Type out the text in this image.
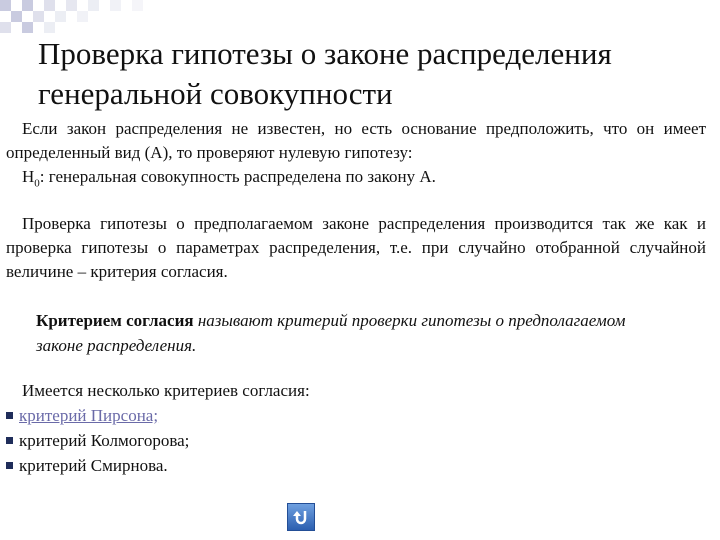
Проверка гипотезы о законе распределения генеральной совокупности
Если закон распределения не известен, но есть основание предположить, что он имеет определенный вид (А), то проверяют нулевую гипотезу:
$H_0$: генеральная совокупность распределена по закону А.
Проверка гипотезы о предполагаемом законе распределения производится так же как и проверка гипотезы о параметрах распределения, т.е. при случайно отобранной случайной величине – критерия согласия.
Критерием согласия называют критерий проверки гипотезы о предполагаемом законе распределения.
Имеется несколько критериев согласия:
критерий Пирсона;
критерий Колмогорова;
критерий Смирнова.
